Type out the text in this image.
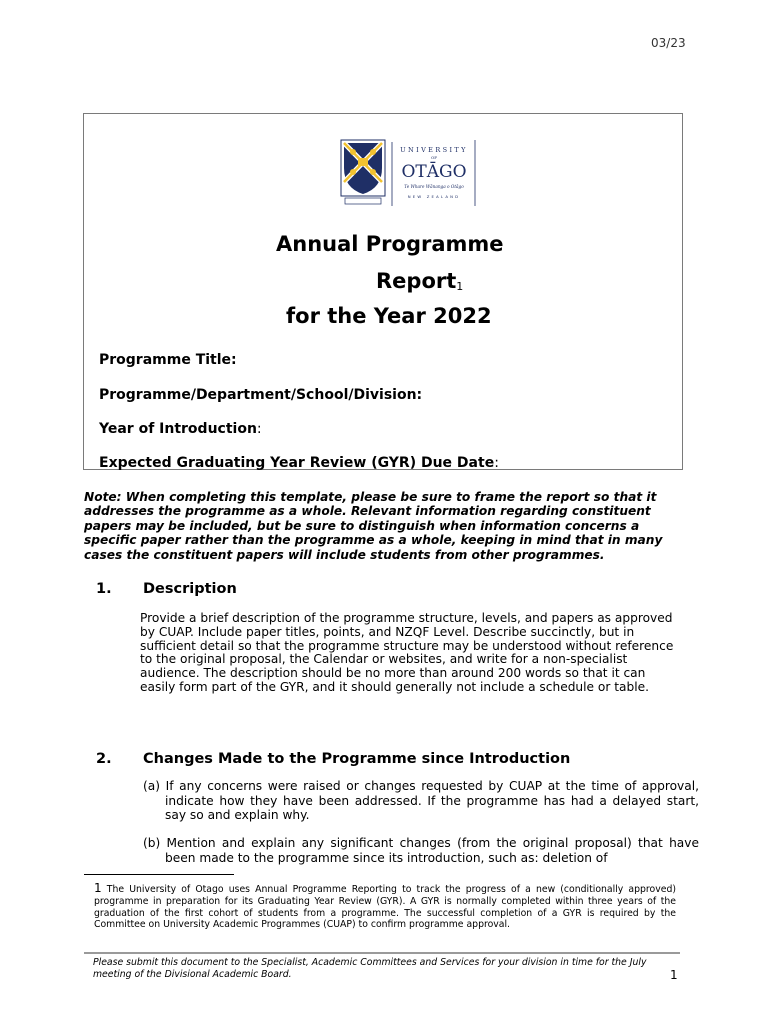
03/23
UNIVERSITY
OF
OTĀGO
Te Whare Wānanga o Otāgo
NEW ZEALAND
Annual Programme
Report$_1$
for the Year 2022
Programme Title:
Programme/Department/School/Division:
Year of Introduction:
Expected Graduating Year Review (GYR) Due Date:
Note: When completing this template, please be sure to frame the report so that it addresses the programme as a whole. Relevant information regarding constituent papers may be included, but be sure to distinguish when information concerns a specific paper rather than the programme as a whole, keeping in mind that in many cases the constituent papers will include students from other programmes.
1. Description
Provide a brief description of the programme structure, levels, and papers as approved by CUAP. Include paper titles, points, and NZQF Level. Describe succinctly, but in sufficient detail so that the programme structure may be understood without reference to the original proposal, the Calendar or websites, and write for a non-specialist audience. The description should be no more than around 200 words so that it can easily form part of the GYR, and it should generally not include a schedule or table.
2. Changes Made to the Programme since Introduction
(a) If any concerns were raised or changes requested by CUAP at the time of approval, indicate how they have been addressed. If the programme has had a delayed start, say so and explain why.
(b) Mention and explain any significant changes (from the original proposal) that have been made to the programme since its introduction, such as: deletion of
1 The University of Otago uses Annual Programme Reporting to track the progress of a new (conditionally approved) programme in preparation for its Graduating Year Review (GYR). A GYR is normally completed within three years of the graduation of the first cohort of students from a programme. The successful completion of a GYR is required by the Committee on University Academic Programmes (CUAP) to confirm programme approval.
Please submit this document to the Specialist, Academic Committees and Services for your division in time for the July meeting of the Divisional Academic Board.	1
